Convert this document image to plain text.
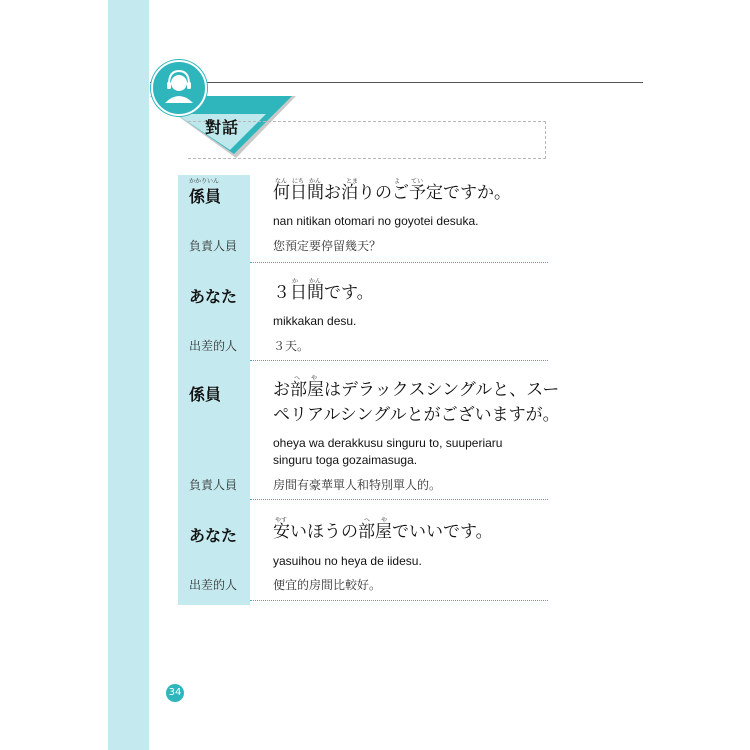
對話
かかりいん
係員
なん にち かん	とま	よ てい
何日間お泊りのご予定ですか。
nan nitikan otomari no goyotei desuka.
負責人員	您預定要停留幾天？
あなた
か かん
３日間です。
mikkakan desu.
出差的人	３天。
係員
へ や
お部屋はデラックスシングルと、スー
ペリアルシングルとがございますが。
oheya wa derakkusu singuru to, suuperiaru
singuru toga gozaimasuga.
負責人員	房間有豪華單人和特別單人的。
やす	へ や
あなた 安いほうの部屋でいいです。
yasuihou no heya de iidesu.
出差的人	便宜的房間比較好。
34
